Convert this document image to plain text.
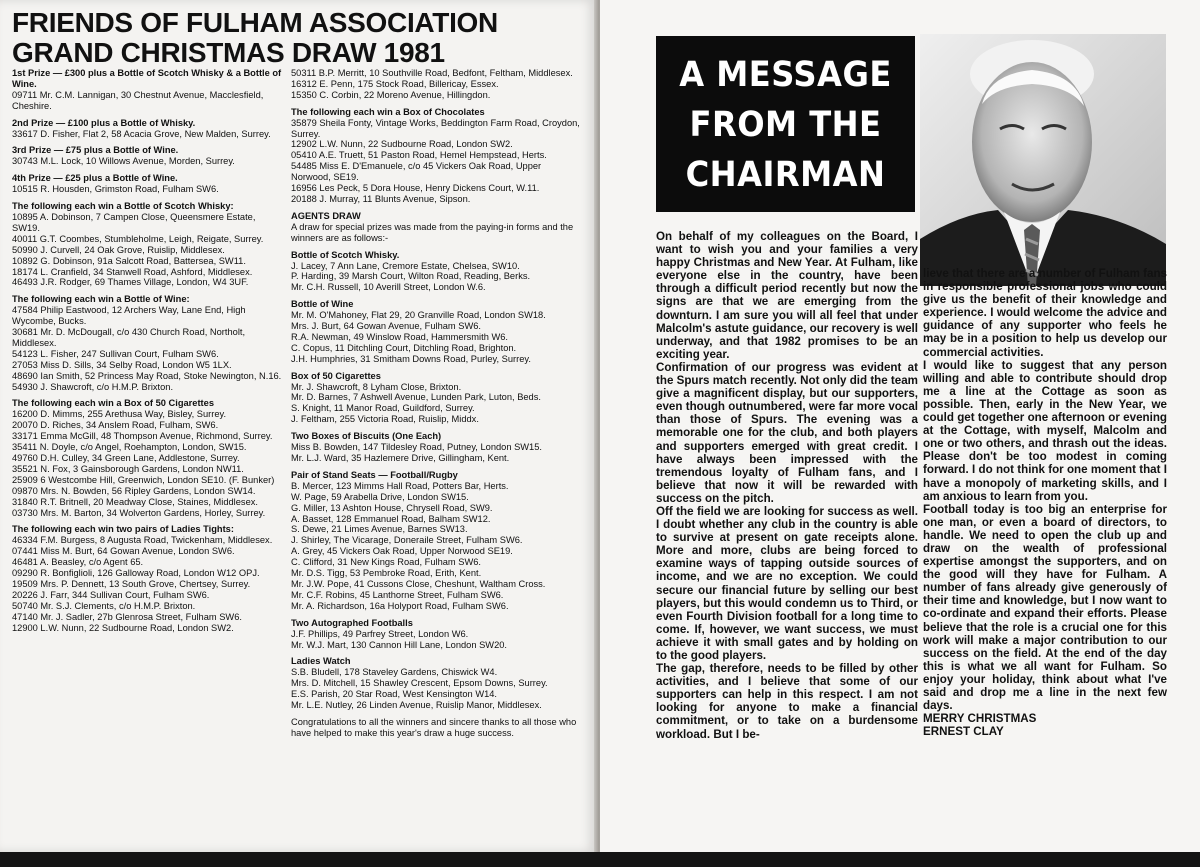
FRIENDS OF FULHAM ASSOCIATION
GRAND CHRISTMAS DRAW 1981
1st Prize — £300 plus a Bottle of Scotch Whisky & a Bottle of Wine.
09711 Mr. C.M. Lannigan, 30 Chestnut Avenue, Macclesfield, Cheshire.
2nd Prize — £100 plus a Bottle of Whisky.
33617 D. Fisher, Flat 2, 58 Acacia Grove, New Malden, Surrey.
3rd Prize — £75 plus a Bottle of Wine.
30743 M.L. Lock, 10 Willows Avenue, Morden, Surrey.
4th Prize — £25 plus a Bottle of Wine.
10515 R. Housden, Grimston Road, Fulham SW6.
The following each win a Bottle of Scotch Whisky:
10895 A. Dobinson, 7 Campen Close, Queensmere Estate, SW19.
40011 G.T. Coombes, Stumbleholme, Leigh, Reigate, Surrey.
50990 J. Curvell, 24 Oak Grove, Ruislip, Middlesex.
10892 G. Dobinson, 91a Salcott Road, Battersea, SW11.
18174 L. Cranfield, 34 Stanwell Road, Ashford, Middlesex.
46493 J.R. Rodger, 69 Thames Village, London, W4 3UF.
The following each win a Bottle of Wine:
47584 Philip Eastwood, 12 Archers Way, Lane End, High Wycombe, Bucks.
30681 Mr. D. McDougall, c/o 430 Church Road, Northolt, Middlesex.
54123 L. Fisher, 247 Sullivan Court, Fulham SW6.
27053 Miss D. Sills, 34 Selby Road, London W5 1LX.
48690 Ian Smith, 52 Princess May Road, Stoke Newington, N.16.
54930 J. Shawcroft, c/o H.M.P. Brixton.
The following each win a Box of 50 Cigarettes
16200 D. Mimms, 255 Arethusa Way, Bisley, Surrey.
20070 D. Riches, 34 Anslem Road, Fulham, SW6.
33171 Emma McGill, 48 Thompson Avenue, Richmond, Surrey.
35411 N. Doyle, c/o Angel, Roehampton, London, SW15.
49760 D.H. Culley, 34 Green Lane, Addlestone, Surrey.
35521 N. Fox, 3 Gainsborough Gardens, London NW11.
25909 6 Westcombe Hill, Greenwich, London SE10. (F. Bunker)
09870 Mrs. N. Bowden, 56 Ripley Gardens, London SW14.
31840 R.T. Britnell, 20 Meadway Close, Staines, Middlesex.
03730 Mrs. M. Barton, 34 Wolverton Gardens, Horley, Surrey.
The following each win two pairs of Ladies Tights:
46334 F.M. Burgess, 8 Augusta Road, Twickenham, Middlesex.
07441 Miss M. Burt, 64 Gowan Avenue, London SW6.
46481 A. Beasley, c/o Agent 65.
09290 R. Bonfiglioli, 126 Galloway Road, London W12 OPJ.
19509 Mrs. P. Dennett, 13 South Grove, Chertsey, Surrey.
20226 J. Farr, 344 Sullivan Court, Fulham SW6.
50740 Mr. S.J. Clements, c/o H.M.P. Brixton.
47140 Mr. J. Sadler, 27b Glenrosa Street, Fulham SW6.
12900 L.W. Nunn, 22 Sudbourne Road, London SW2.
50311 B.P. Merritt, 10 Southville Road, Bedfont, Feltham, Middlesex.
16312 E. Penn, 175 Stock Road, Billericay, Essex.
15350 C. Corbin, 22 Moreno Avenue, Hillingdon.
The following each win a Box of Chocolates
35879 Sheila Fonty, Vintage Works, Beddington Farm Road, Croydon, Surrey.
12902 L.W. Nunn, 22 Sudbourne Road, London SW2.
05410 A.E. Truett, 51 Paston Road, Hemel Hempstead, Herts.
54485 Miss E. D'Emanuele, c/o 45 Vickers Oak Road, Upper Norwood, SE19.
16956 Les Peck, 5 Dora House, Henry Dickens Court, W.11.
20188 J. Murray, 11 Blunts Avenue, Sipson.
AGENTS DRAW
A draw for special prizes was made from the paying-in forms and the winners are as follows:-
Bottle of Scotch Whisky.
J. Lacey, 7 Ann Lane, Cremore Estate, Chelsea, SW10.
P. Harding, 39 Marsh Court, Wilton Road, Reading, Berks.
Mr. C.H. Russell, 10 Averill Street, London W.6.
Bottle of Wine
Mr. M. O'Mahoney, Flat 29, 20 Granville Road, London SW18.
Mrs. J. Burt, 64 Gowan Avenue, Fulham SW6.
R.A. Newman, 49 Winslow Road, Hammersmith W6.
C. Copus, 11 Ditchling Court, Ditchling Road, Brighton.
J.H. Humphries, 31 Smitham Downs Road, Purley, Surrey.
Box of 50 Cigarettes
Mr. J. Shawcroft, 8 Lyham Close, Brixton.
Mr. D. Barnes, 7 Ashwell Avenue, Lunden Park, Luton, Beds.
S. Knight, 11 Manor Road, Guildford, Surrey.
J. Feltham, 255 Victoria Road, Ruislip, Middx.
Two Boxes of Biscuits (One Each)
Miss B. Bowden, 147 Tildesley Road, Putney, London SW15.
Mr. L.J. Ward, 35 Hazlemere Drive, Gillingham, Kent.
Pair of Stand Seats — Football/Rugby
B. Mercer, 123 Mimms Hall Road, Potters Bar, Herts.
W. Page, 59 Arabella Drive, London SW15.
G. Miller, 13 Ashton House, Chrysell Road, SW9.
A. Basset, 128 Emmanuel Road, Balham SW12.
S. Dewe, 21 Limes Avenue, Barnes SW13.
J. Shirley, The Vicarage, Doneraile Street, Fulham SW6.
A. Grey, 45 Vickers Oak Road, Upper Norwood SE19.
C. Clifford, 31 New Kings Road, Fulham SW6.
Mr. D.S. Tigg, 53 Pembroke Road, Erith, Kent.
Mr. J.W. Pope, 41 Cussons Close, Cheshunt, Waltham Cross.
Mr. C.F. Robins, 45 Lanthorne Street, Fulham SW6.
Mr. A. Richardson, 16a Holyport Road, Fulham SW6.
Two Autographed Footballs
J.F. Phillips, 49 Parfrey Street, London W6.
Mr. W.J. Mart, 130 Cannon Hill Lane, London SW20.
Ladies Watch
S.B. Bludell, 178 Staveley Gardens, Chiswick W4.
Mrs. D. Mitchell, 15 Shawley Crescent, Epsom Downs, Surrey.
E.S. Parish, 20 Star Road, West Kensington W14.
Mr. L.E. Nutley, 26 Linden Avenue, Ruislip Manor, Middlesex.
Congratulations to all the winners and sincere thanks to all those who have helped to make this year's draw a huge success.
A MESSAGE
FROM THE
CHAIRMAN

On behalf of my colleagues on the Board, I want to wish you and your families a very happy Christmas and New Year. At Fulham, like everyone else in the country, have been through a difficult period recently but now the signs are that we are emerging from the downturn. I am sure you will all feel that under Malcolm's astute guidance, our recovery is well underway, and that 1982 promises to be an exciting year.

Confirmation of our progress was evident at the Spurs match recently. Not only did the team give a magnificent display, but our supporters, even though outnumbered, were far more vocal than those of Spurs. The evening was a memorable one for the club, and both players and supporters emerged with great credit. I have always been impressed with the tremendous loyalty of Fulham fans, and I believe that now it will be rewarded with success on the pitch.

Off the field we are looking for success as well. I doubt whether any club in the country is able to survive at present on gate receipts alone. More and more, clubs are being forced to examine ways of tapping outside sources of income, and we are no exception. We could secure our financial future by selling our best players, but this would condemn us to Third, or even Fourth Division football for a long time to come. If, however, we want success, we must achieve it with small gates and by holding on to the good players.

The gap, therefore, needs to be filled by other activities, and I believe that some of our supporters can help in this respect. I am not looking for anyone to make a financial commitment, or to take on a burdensome workload. But I be-

lieve that there are a number of Fulham fans in responsible professional jobs who could give us the benefit of their knowledge and experience. I would welcome the advice and guidance of any supporter who feels he may be in a position to help us develop our commercial activities.

I would like to suggest that any person willing and able to contribute should drop me a line at the Cottage as soon as possible. Then, early in the New Year, we could get together one afternoon or evening at the Cottage, with myself, Malcolm and one or two others, and thrash out the ideas. Please don't be too modest in coming forward. I do not think for one moment that I have a monopoly of marketing skills, and I am anxious to learn from you.

Football today is too big an enterprise for one man, or even a board of directors, to handle. We need to open the club up and draw on the wealth of professional expertise amongst the supporters, and on the good will they have for Fulham. A number of fans already give generously of their time and knowledge, but I now want to co-ordinate and expand their efforts. Please believe that the role is a crucial one for this work will make a major contribution to our success on the field. At the end of the day this is what we all want for Fulham. So enjoy your holiday, think about what I've said and drop me a line in the next few days.

MERRY CHRISTMAS

ERNEST CLAY
